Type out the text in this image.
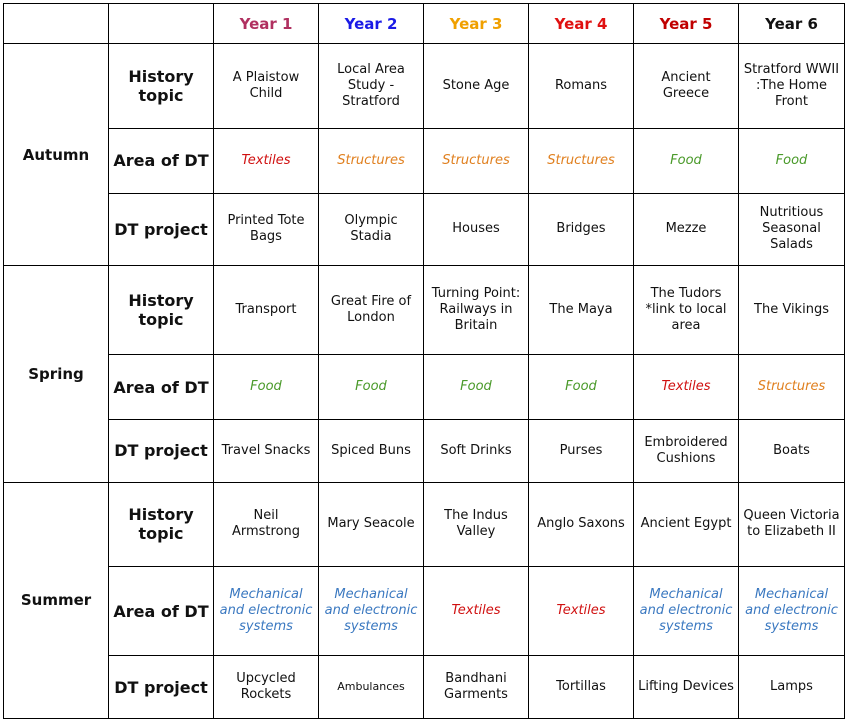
		Year 1	Year 2	Year 3	Year 4	Year 5	Year 6
Autumn	History topic	A Plaistow Child	Local Area Study - Stratford	Stone Age	Romans	Ancient Greece	Stratford WWII :The Home Front
	Area of DT	Textiles	Structures	Structures	Structures	Food	Food
	DT project	Printed Tote Bags	Olympic Stadia	Houses	Bridges	Mezze	Nutritious Seasonal Salads
Spring	History topic	Transport	Great Fire of London	Turning Point: Railways in Britain	The Maya	The Tudors *link to local area	The Vikings
	Area of DT	Food	Food	Food	Food	Textiles	Structures
	DT project	Travel Snacks	Spiced Buns	Soft Drinks	Purses	Embroidered Cushions	Boats
Summer	History topic	Neil Armstrong	Mary Seacole	The Indus Valley	Anglo Saxons	Ancient Egypt	Queen Victoria to Elizabeth II
	Area of DT	Mechanical and electronic systems	Mechanical and electronic systems	Textiles	Textiles	Mechanical and electronic systems	Mechanical and electronic systems
	DT project	Upcycled Rockets	Ambulances	Bandhani Garments	Tortillas	Lifting Devices	Lamps
